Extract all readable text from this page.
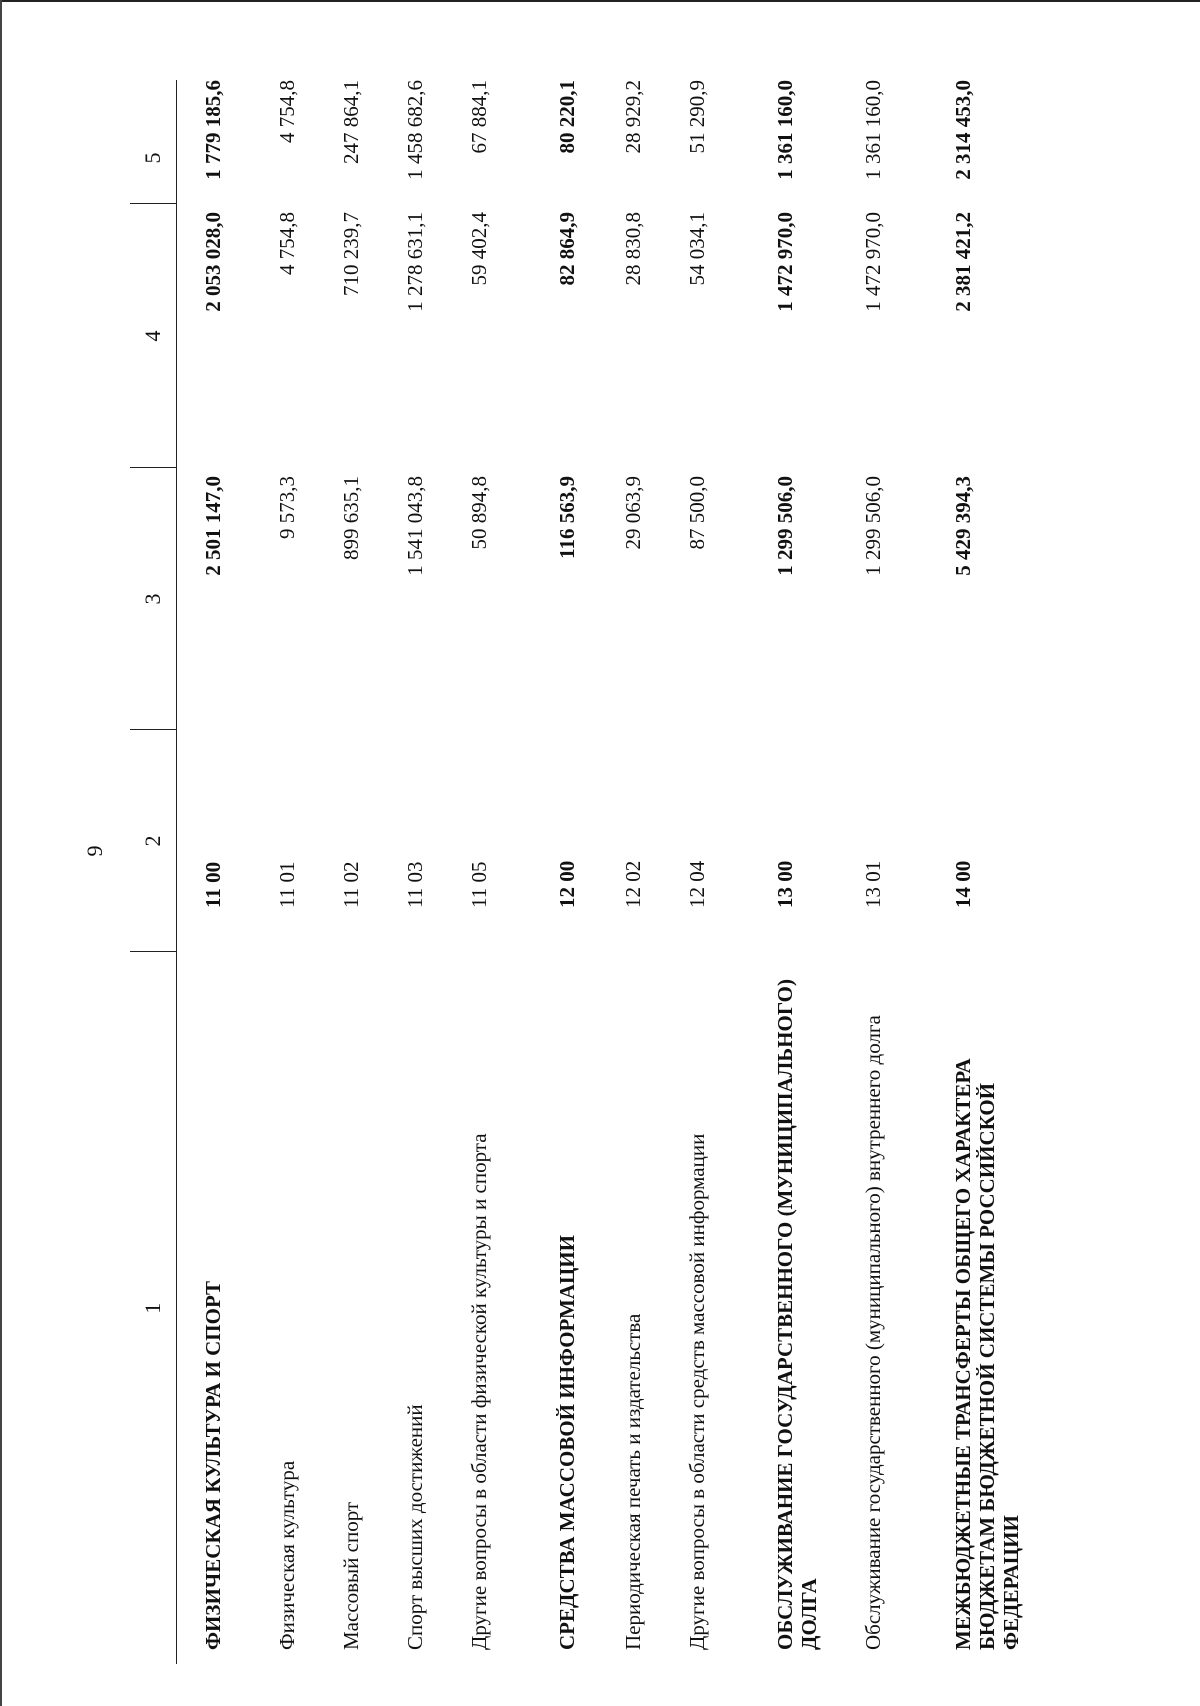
9
1	2	3	4	5
ФИЗИЧЕСКАЯ КУЛЬТУРА И СПОРТ	11 00	2 501 147,0	2 053 028,0	1 779 185,6
Физическая культура	11 01	9 573,3	4 754,8	4 754,8
Массовый спорт	11 02	899 635,1	710 239,7	247 864,1
Спорт высших достижений	11 03	1 541 043,8	1 278 631,1	1 458 682,6
Другие вопросы в области физической культуры и спорта	11 05	50 894,8	59 402,4	67 884,1
СРЕДСТВА МАССОВОЙ ИНФОРМАЦИИ	12 00	116 563,9	82 864,9	80 220,1
Периодическая печать и издательства	12 02	29 063,9	28 830,8	28 929,2
Другие вопросы в области средств массовой информации	12 04	87 500,0	54 034,1	51 290,9
ОБСЛУЖИВАНИЕ ГОСУДАРСТВЕННОГО (МУНИЦИПАЛЬНОГО) ДОЛГА	13 00	1 299 506,0	1 472 970,0	1 361 160,0
Обслуживание государственного (муниципального) внутреннего долга	13 01	1 299 506,0	1 472 970,0	1 361 160,0
МЕЖБЮДЖЕТНЫЕ ТРАНСФЕРТЫ ОБЩЕГО ХАРАКТЕРА БЮДЖЕТАМ БЮДЖЕТНОЙ СИСТЕМЫ РОССИЙСКОЙ ФЕДЕРАЦИИ	14 00	5 429 394,3	2 381 421,2	2 314 453,0
